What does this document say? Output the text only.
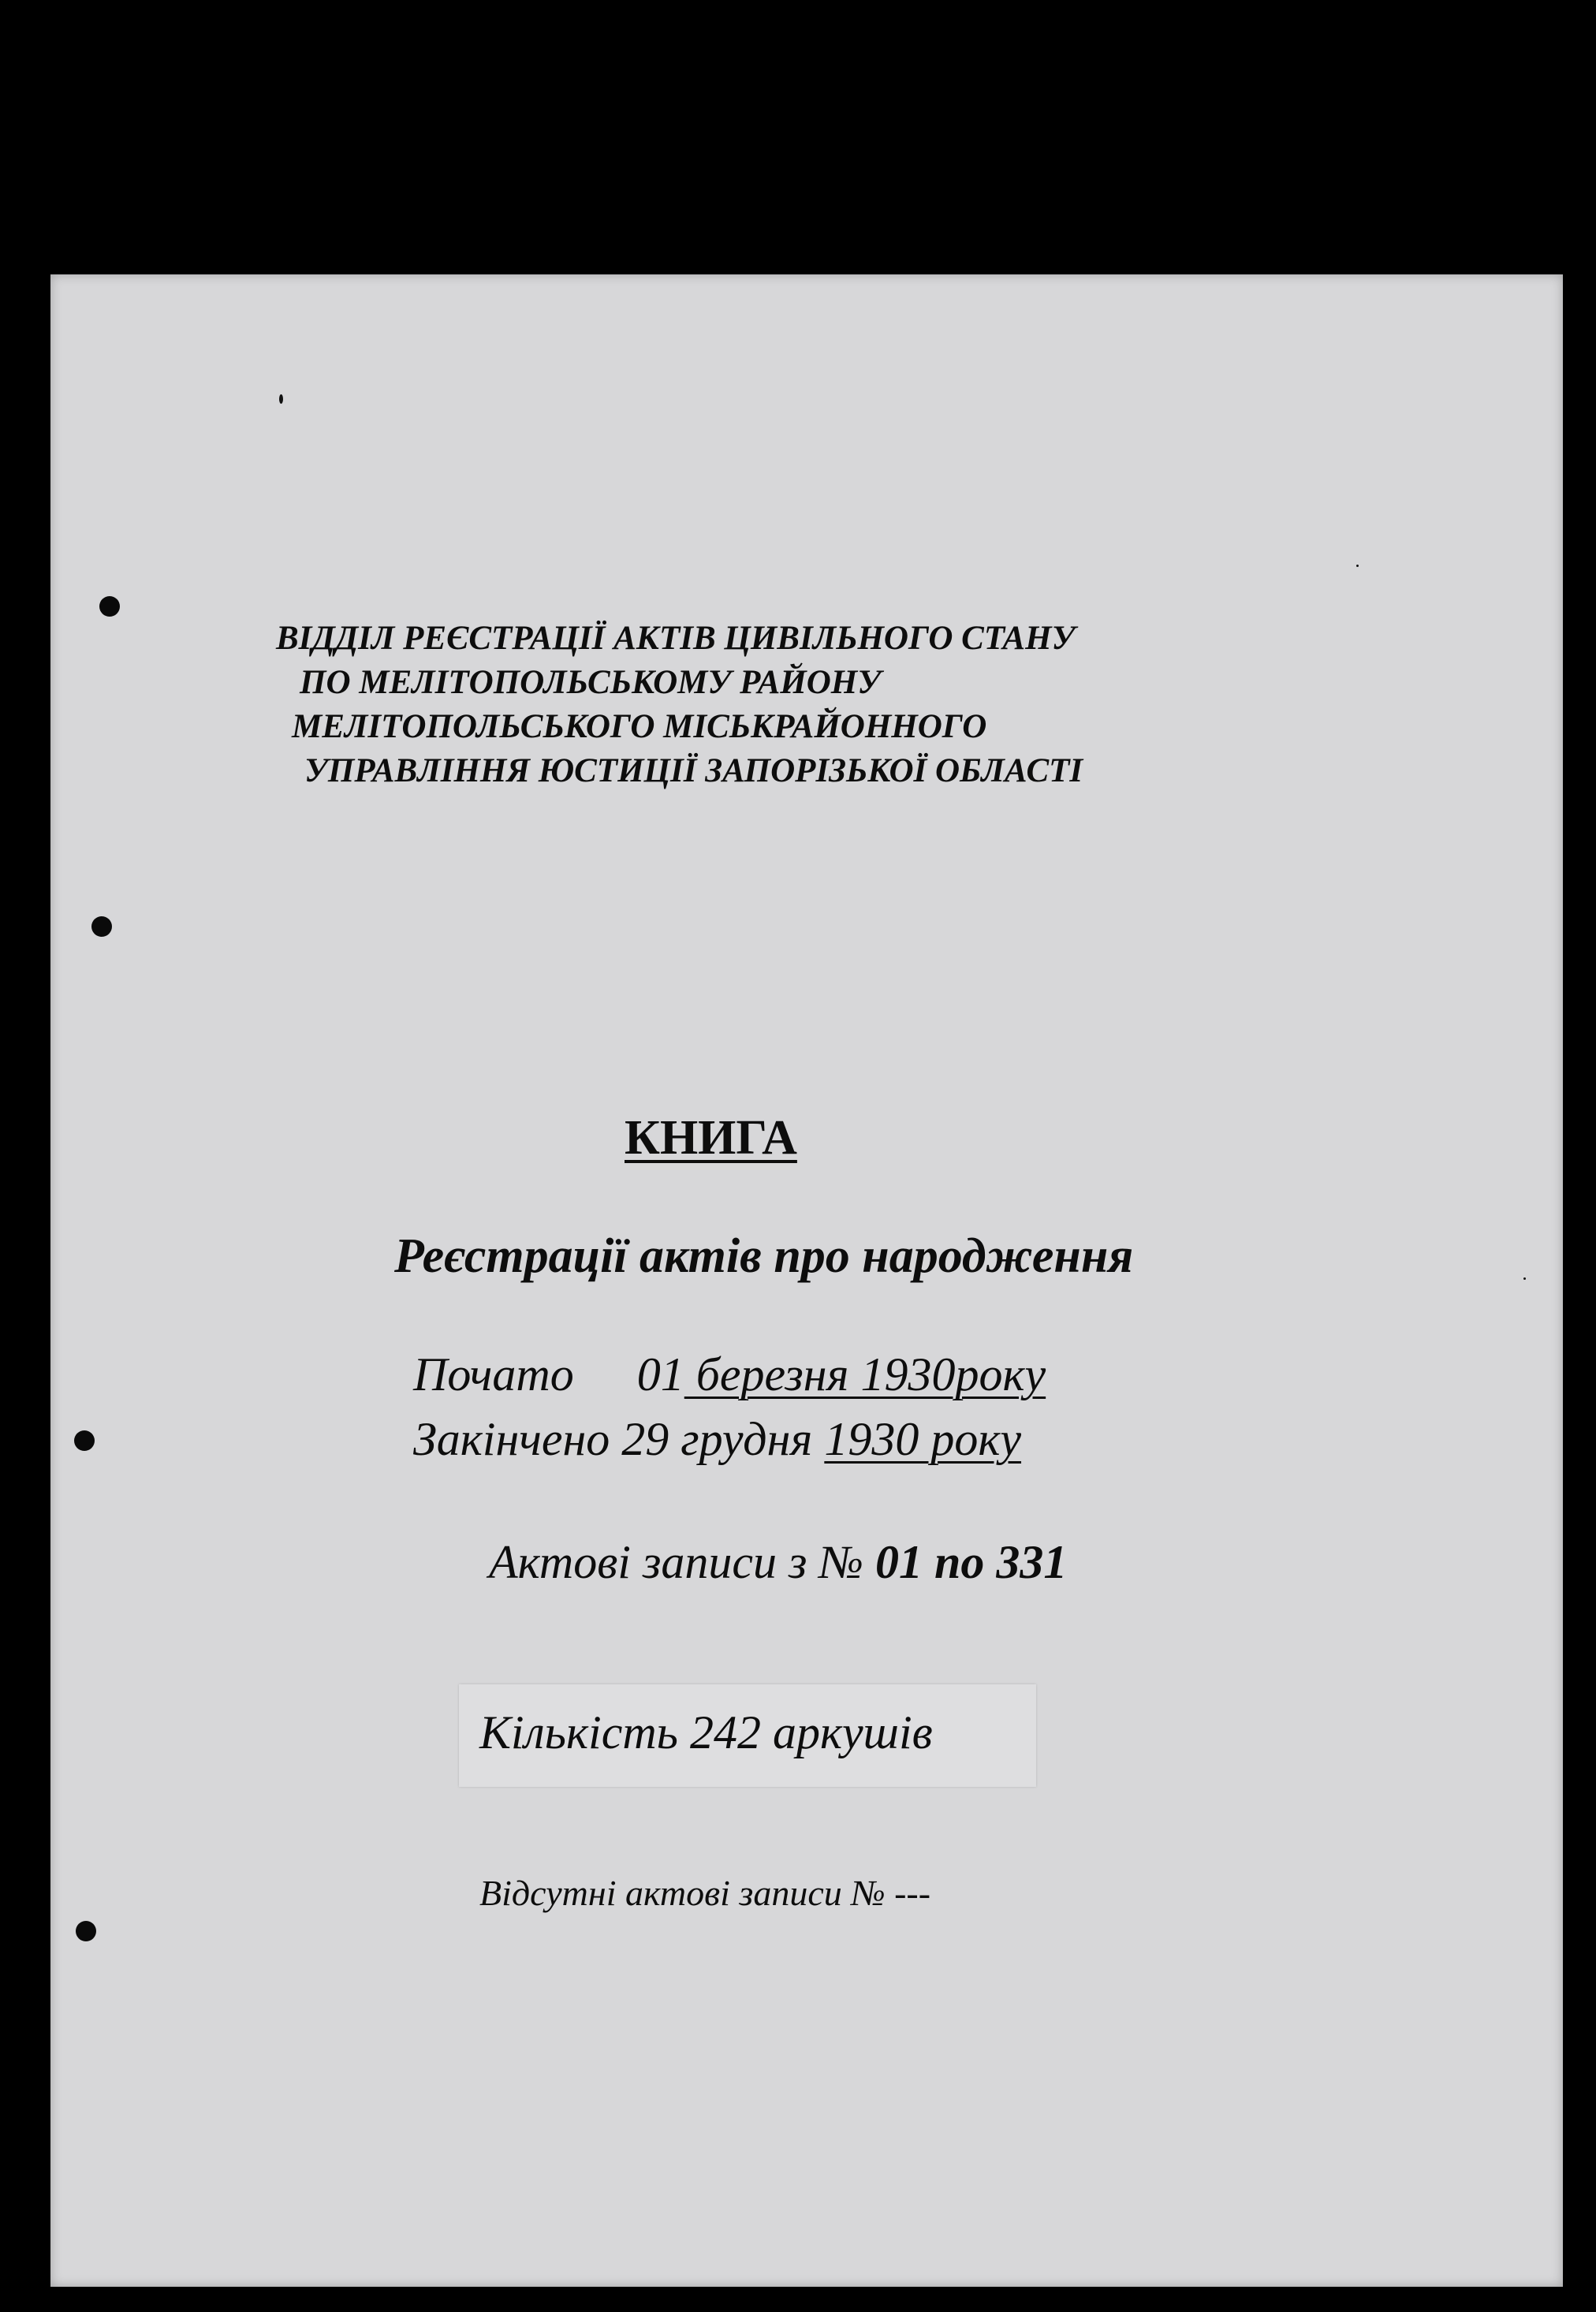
ВІДДІЛ РЕЄСТРАЦІЇ АКТІВ ЦИВІЛЬНОГО СТАНУ

ПО МЕЛІТОПОЛЬСЬКОМУ РАЙОНУ

МЕЛІТОПОЛЬСЬКОГО МІСЬКРАЙОННОГО

УПРАВЛІННЯ ЮСТИЦІЇ ЗАПОРІЗЬКОЇ ОБЛАСТІ

КНИГА

Реєстрації актів про народження

Почато 01 березня 1930року

Закінчено 29 грудня 1930 року

Актові записи з № 01 по 331

Кількість 242 аркушів

Відсутні актові записи № ---
